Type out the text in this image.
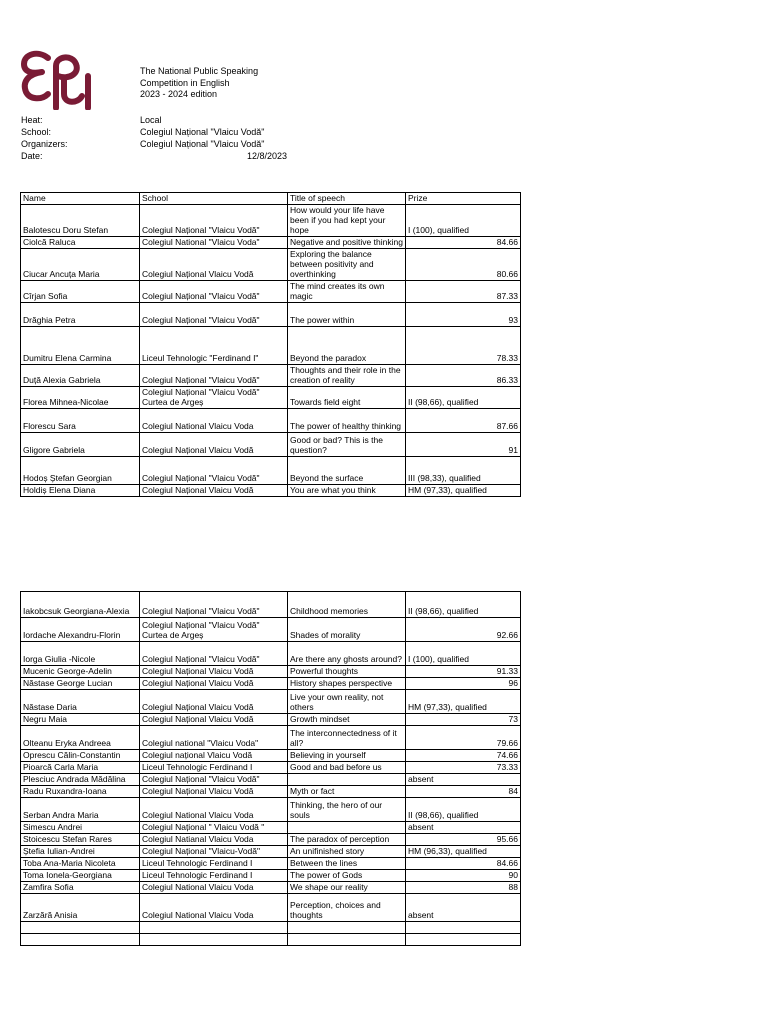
The National Public Speaking
Competition in English
2023 - 2024 edition
Heat:	Local
School:	Colegiul Național "Vlaicu Vodă"
Organizers:	Colegiul Național "Vlaicu Vodă"
Date:	12/8/2023
Name	School	Title of speech	Prize
Balotescu Doru Stefan	Colegiul Național "Vlaicu Vodă"	How would your life have been if you had kept your hope	I (100), qualified
Ciolcă Raluca	Colegiul National "Vlaicu Voda"	Negative and positive thinking	84.66
Ciucar Ancuța Maria	Colegiul Național Vlaicu Vodă	Exploring the balance between positivity and overthinking	80.66
Cîrjan Sofia	Colegiul Național "Vlaicu Vodă"	The mind creates its own magic	87.33
Drăghia Petra	Colegiul Național "Vlaicu Vodă"	The power within	93
Dumitru Elena Carmina	Liceul Tehnologic "Ferdinand I"	Beyond the paradox	78.33
Duță Alexia Gabriela	Colegiul Național "Vlaicu Vodă"	Thoughts and their role in the creation of reality	86.33
Florea Mihnea-Nicolae	Colegiul Național "Vlaicu Vodă" Curtea de Argeș	Towards field eight	II (98,66), qualified
Florescu Sara	Colegiul National Vlaicu Voda	The power of healthy thinking	87.66
Gligore Gabriela	Colegiul Național Vlaicu Vodă	Good or bad? This is the question?	91
Hodoș Ștefan Georgian	Colegiul Național "Vlaicu Vodă"	Beyond the surface	III (98,33), qualified
Holdiș Elena Diana	Colegiul Național Vlaicu Vodă	You are what you think	HM (97,33), qualified
Iakobcsuk Georgiana-Alexia	Colegiul Național "Vlaicu Vodă"	Childhood memories	II (98,66), qualified
Iordache Alexandru-Florin	Colegiul Național "Vlaicu Vodă" Curtea de Argeș	Shades of morality	92.66
Iorga Giulia -Nicole	Colegiul Național "Vlaicu Vodă"	Are there any ghosts around?	I (100), qualified
Mucenic George-Adelin	Colegiul Național Vlaicu Vodă	Powerful thoughts	91.33
Năstase George Lucian	Colegiul Național Vlaicu Vodă	History shapes perspective	96
Năstase Daria	Colegiul Național Vlaicu Vodă	Live your own reality, not others	HM (97,33), qualified
Negru Maia	Colegiul Național Vlaicu Vodă	Growth mindset	73
Olteanu Eryka Andreea	Colegiul national "Vlaicu Voda"	The interconnectedness of it all?	79.66
Oprescu Călin-Constantin	Colegiul național Vlaicu Vodă	Believing in yourself	74.66
Pioarcă Carla Maria	Liceul Tehnologic Ferdinand I	Good and bad before us	73.33
Plesciuc Andrada Mădălina	Colegiul Național "Vlaicu Vodă"		absent
Radu Ruxandra-Ioana	Colegiul Național Vlaicu Vodă	Myth or fact	84
Serban Andra Maria	Colegiul National Vlaicu Voda	Thinking, the hero of our souls	II (98,66), qualified
Simescu Andrei	Colegiul Național " Vlaicu Vodă "		absent
Stoicescu Stefan Rares	Colegiul Natianal Vlaicu Voda	The paradox of perception	95.66
Ștefia Iulian-Andrei	Colegiul Național "Vlaicu-Vodă"	An unifinished story	HM (96,33), qualified
Toba Ana-Maria Nicoleta	Liceul Tehnologic Ferdinand I	Between the lines	84.66
Toma Ionela-Georgiana	Liceul Tehnologic Ferdinand I	The power of Gods	90
Zamfira Sofia	Colegiul National Vlaicu Voda	We shape our reality	88
Zarzără Anisia	Colegiul National Vlaicu Voda	Perception, choices and thoughts	absent
